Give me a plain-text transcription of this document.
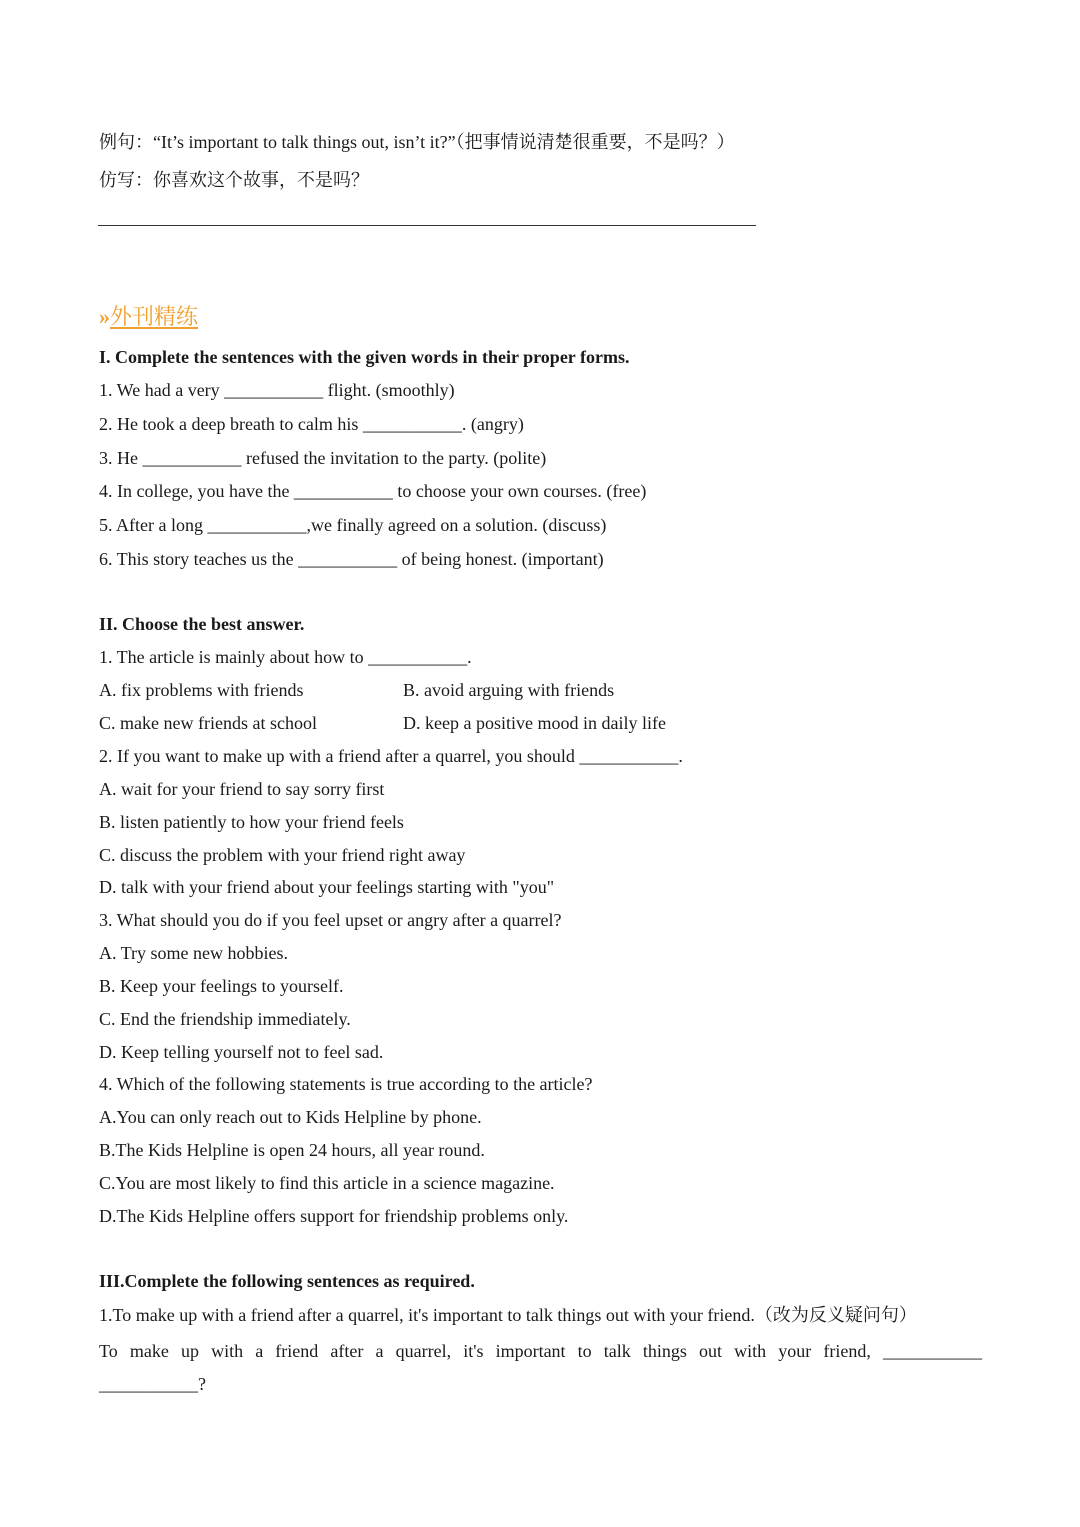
例句：“It’s important to talk things out, isn’t it?”（把事情说清楚很重要，不是吗？）
仿写：你喜欢这个故事，不是吗？
» 外刊精练
I. Complete the sentences with the given words in their proper forms.
1. We had a very ___________ flight. (smoothly)
2. He took a deep breath to calm his ___________. (angry)
3. He ___________ refused the invitation to the party. (polite)
4. In college, you have the ___________ to choose your own courses. (free)
5. After a long ___________,we finally agreed on a solution. (discuss)
6. This story teaches us the ___________ of being honest. (important)
II. Choose the best answer.
1. The article is mainly about how to ___________.
A. fix problems with friends	B. avoid arguing with friends
C. make new friends at school	D. keep a positive mood in daily life
2. If you want to make up with a friend after a quarrel, you should ___________.
A. wait for your friend to say sorry first
B. listen patiently to how your friend feels
C. discuss the problem with your friend right away
D. talk with your friend about your feelings starting with "you"
3. What should you do if you feel upset or angry after a quarrel?
A. Try some new hobbies.
B. Keep your feelings to yourself.
C. End the friendship immediately.
D. Keep telling yourself not to feel sad.
4. Which of the following statements is true according to the article?
A.You can only reach out to Kids Helpline by phone.
B.The Kids Helpline is open 24 hours, all year round.
C.You are most likely to find this article in a science magazine.
D.The Kids Helpline offers support for friendship problems only.
III.Complete the following sentences as required.
1.To make up with a friend after a quarrel, it's important to talk things out with your friend.（改为反义疑问句）
To make up with a friend after a quarrel, it's important to talk things out with your friend, ___________
___________?
